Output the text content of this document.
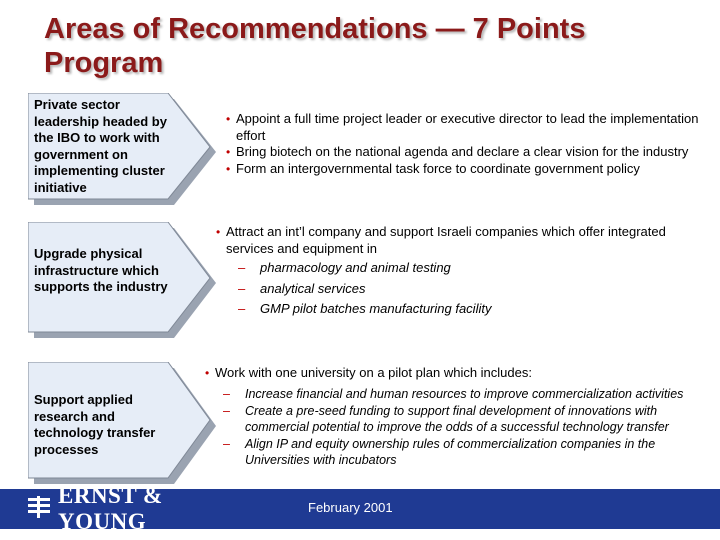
Areas of Recommendations — 7 Points Program
Private sector leadership headed by the IBO to work with government on implementing cluster initiative
Upgrade physical infrastructure which supports the industry
Support applied research and technology transfer processes
• Appoint a full time project leader or executive director to lead the implementation effort
• Bring biotech on the national agenda and declare a clear vision for the industry
• Form an intergovernmental task force to coordinate government policy
• Attract an int’l company and support Israeli companies which offer integrated services and equipment in
– pharmacology and animal testing
– analytical services
– GMP pilot batches manufacturing facility
• Work with one university on a pilot plan which includes:
– Increase financial and human resources to improve commercialization activities
– Create a pre-seed funding to support final development of innovations with commercial potential to improve the odds of a successful technology transfer
– Align IP and equity ownership rules of commercialization companies in the Universities with incubators
ERNST & YOUNG
February 2001
